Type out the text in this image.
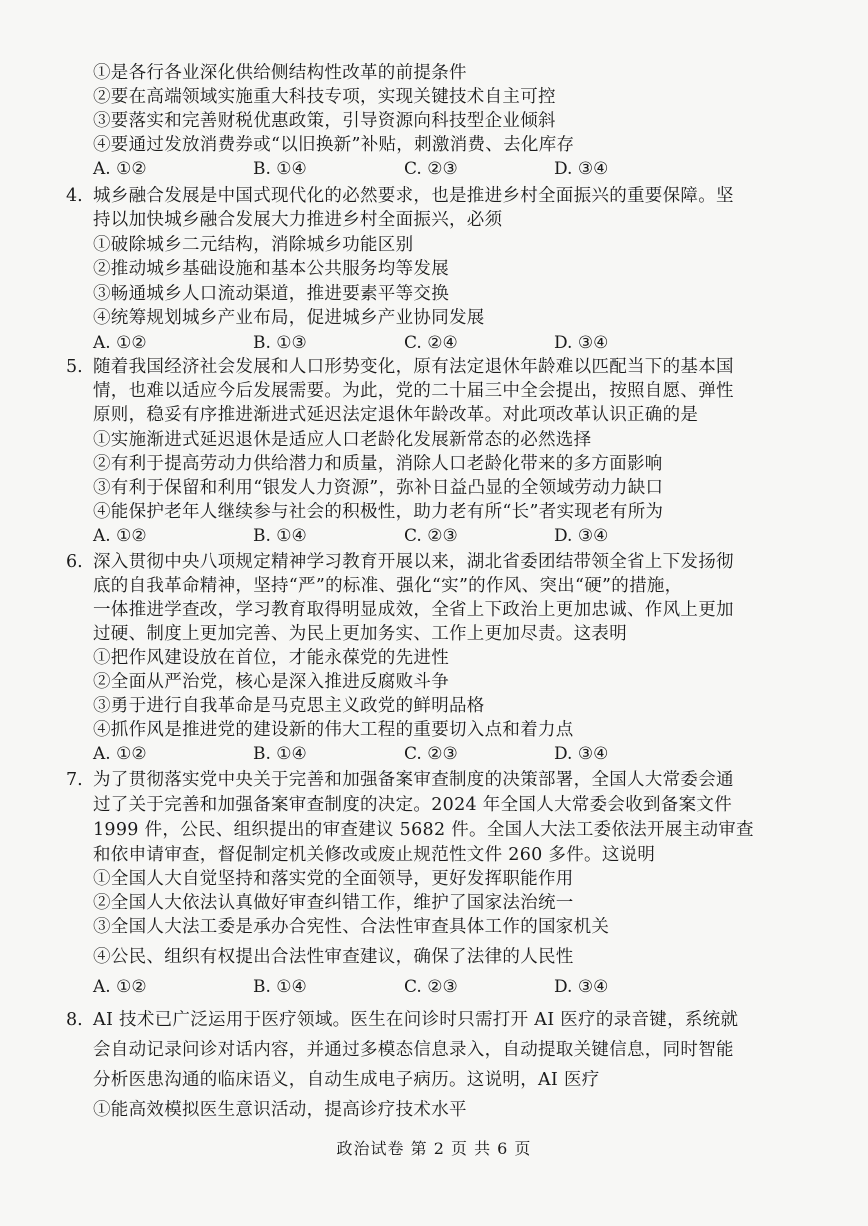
①是各行各业深化供给侧结构性改革的前提条件
②要在高端领域实施重大科技专项，实现关键技术自主可控
③要落实和完善财税优惠政策，引导资源向科技型企业倾斜
④要通过发放消费券或“以旧换新”补贴，刺激消费、去化库存
A. ①②	B. ①④	C. ②③	D. ③④
4. 城乡融合发展是中国式现代化的必然要求，也是推进乡村全面振兴的重要保障。坚
持以加快城乡融合发展大力推进乡村全面振兴，必须
①破除城乡二元结构，消除城乡功能区别
②推动城乡基础设施和基本公共服务均等发展
③畅通城乡人口流动渠道，推进要素平等交换
④统筹规划城乡产业布局，促进城乡产业协同发展
A. ①②	B. ①③	C. ②④	D. ③④
5. 随着我国经济社会发展和人口形势变化，原有法定退休年龄难以匹配当下的基本国
情，也难以适应今后发展需要。为此，党的二十届三中全会提出，按照自愿、弹性
原则，稳妥有序推进渐进式延迟法定退休年龄改革。对此项改革认识正确的是
①实施渐进式延迟退休是适应人口老龄化发展新常态的必然选择
②有利于提高劳动力供给潜力和质量，消除人口老龄化带来的多方面影响
③有利于保留和利用“银发人力资源”，弥补日益凸显的全领域劳动力缺口
④能保护老年人继续参与社会的积极性，助力老有所“长”者实现老有所为
A. ①②	B. ①④	C. ②③	D. ③④
6. 深入贯彻中央八项规定精神学习教育开展以来，湖北省委团结带领全省上下发扬彻
底的自我革命精神，坚持“严”的标准、强化“实”的作风、突出“硬”的措施，
一体推进学查改，学习教育取得明显成效，全省上下政治上更加忠诚、作风上更加
过硬、制度上更加完善、为民上更加务实、工作上更加尽责。这表明
①把作风建设放在首位，才能永葆党的先进性
②全面从严治党，核心是深入推进反腐败斗争
③勇于进行自我革命是马克思主义政党的鲜明品格
④抓作风是推进党的建设新的伟大工程的重要切入点和着力点
A. ①②	B. ①④	C. ②③	D. ③④
7. 为了贯彻落实党中央关于完善和加强备案审查制度的决策部署，全国人大常委会通
过了关于完善和加强备案审查制度的决定。2024 年全国人大常委会收到备案文件
1999 件，公民、组织提出的审查建议 5682 件。全国人大法工委依法开展主动审查
和依申请审查，督促制定机关修改或废止规范性文件 260 多件。这说明
①全国人大自觉坚持和落实党的全面领导，更好发挥职能作用
②全国人大依法认真做好审查纠错工作，维护了国家法治统一
③全国人大法工委是承办合宪性、合法性审查具体工作的国家机关
④公民、组织有权提出合法性审查建议，确保了法律的人民性
A. ①②	B. ①④	C. ②③	D. ③④
8. AI 技术已广泛运用于医疗领域。医生在问诊时只需打开 AI 医疗的录音键，系统就
会自动记录问诊对话内容，并通过多模态信息录入，自动提取关键信息，同时智能
分析医患沟通的临床语义，自动生成电子病历。这说明，AI 医疗
①能高效模拟医生意识活动，提高诊疗技术水平
政治试卷 第 2 页 共 6 页
